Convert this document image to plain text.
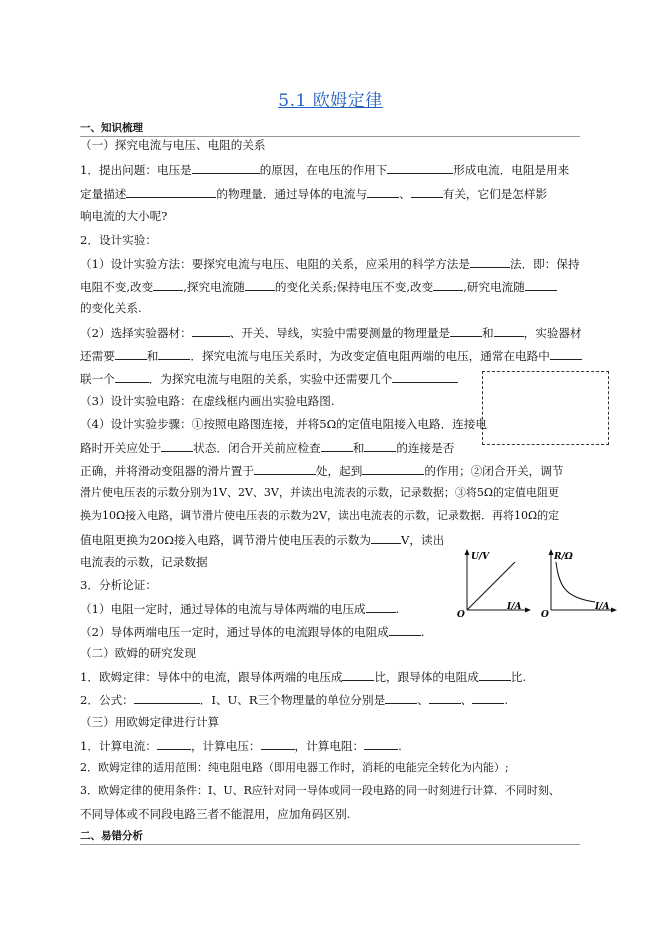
5.1 欧姆定律
一、知识梳理
（一）探究电流与电压、电阻的关系
1．提出问题：电压是	的原因，在电压的作用下	形成电流．电阻是用来
定量描述	的物理量．通过导体的电流与	、	有关，它们是怎样影
响电流的大小呢?
2．设计实验：
（1）设计实验方法：要探究电流与电压、电阻的关系，应采用的科学方法是	法．即：保持
电阻不变,改变	,探究电流随	的变化关系;保持电压不变,改变	,研究电流随
的变化关系.
（2）选择实验器材：	、开关、导线，实验中需要测量的物理量是	和	，实验器材
还需要	和	．探究电流与电压关系时，为改变定值电阻两端的电压，通常在电路中
联一个	．为探究电流与电阻的关系，实验中还需要几个
（3）设计实验电路：在虚线框内画出实验电路图.
（4）设计实验步骤：①按照电路图连接，并将5Ω的定值电阻接入电路．连接电
路时开关应处于	状态．闭合开关前应检查	和	的连接是否
正确，并将滑动变阻器的滑片置于	处，起到	的作用；②闭合开关，调节
滑片使电压表的示数分别为1V、2V、3V，并读出电流表的示数，记录数据；③将5Ω的定值电阻更
换为10Ω接入电路，调节滑片使电压表的示数为2V，读出电流表的示数，记录数据．再将10Ω的定
值电阻更换为20Ω接入电路，调节滑片使电压表的示数为	V，读出
电流表的示数，记录数据
3．分析论证：
（1）电阻一定时，通过导体的电流与导体两端的电压成	.
（2）导体两端电压一定时，通过导体的电流跟导体的电阻成	.
U/V
I/A
O
R/Ω
I/A
O
（二）欧姆的研究发现
1．欧姆定律：导体中的电流，跟导体两端的电压成	比，跟导体的电阻成	比.
2．公式：	．I、U、R三个物理量的单位分别是	、	、	.
（三）用欧姆定律进行计算
1．计算电流：	，计算电压：	，计算电阻：	.
2．欧姆定律的适用范围：纯电阻电路（即用电器工作时，消耗的电能完全转化为内能）;
3．欧姆定律的使用条件：I、U、R应针对同一导体或同一段电路的同一时刻进行计算．不同时刻、
不同导体或不同段电路三者不能混用，应加角码区别.
二、易错分析
